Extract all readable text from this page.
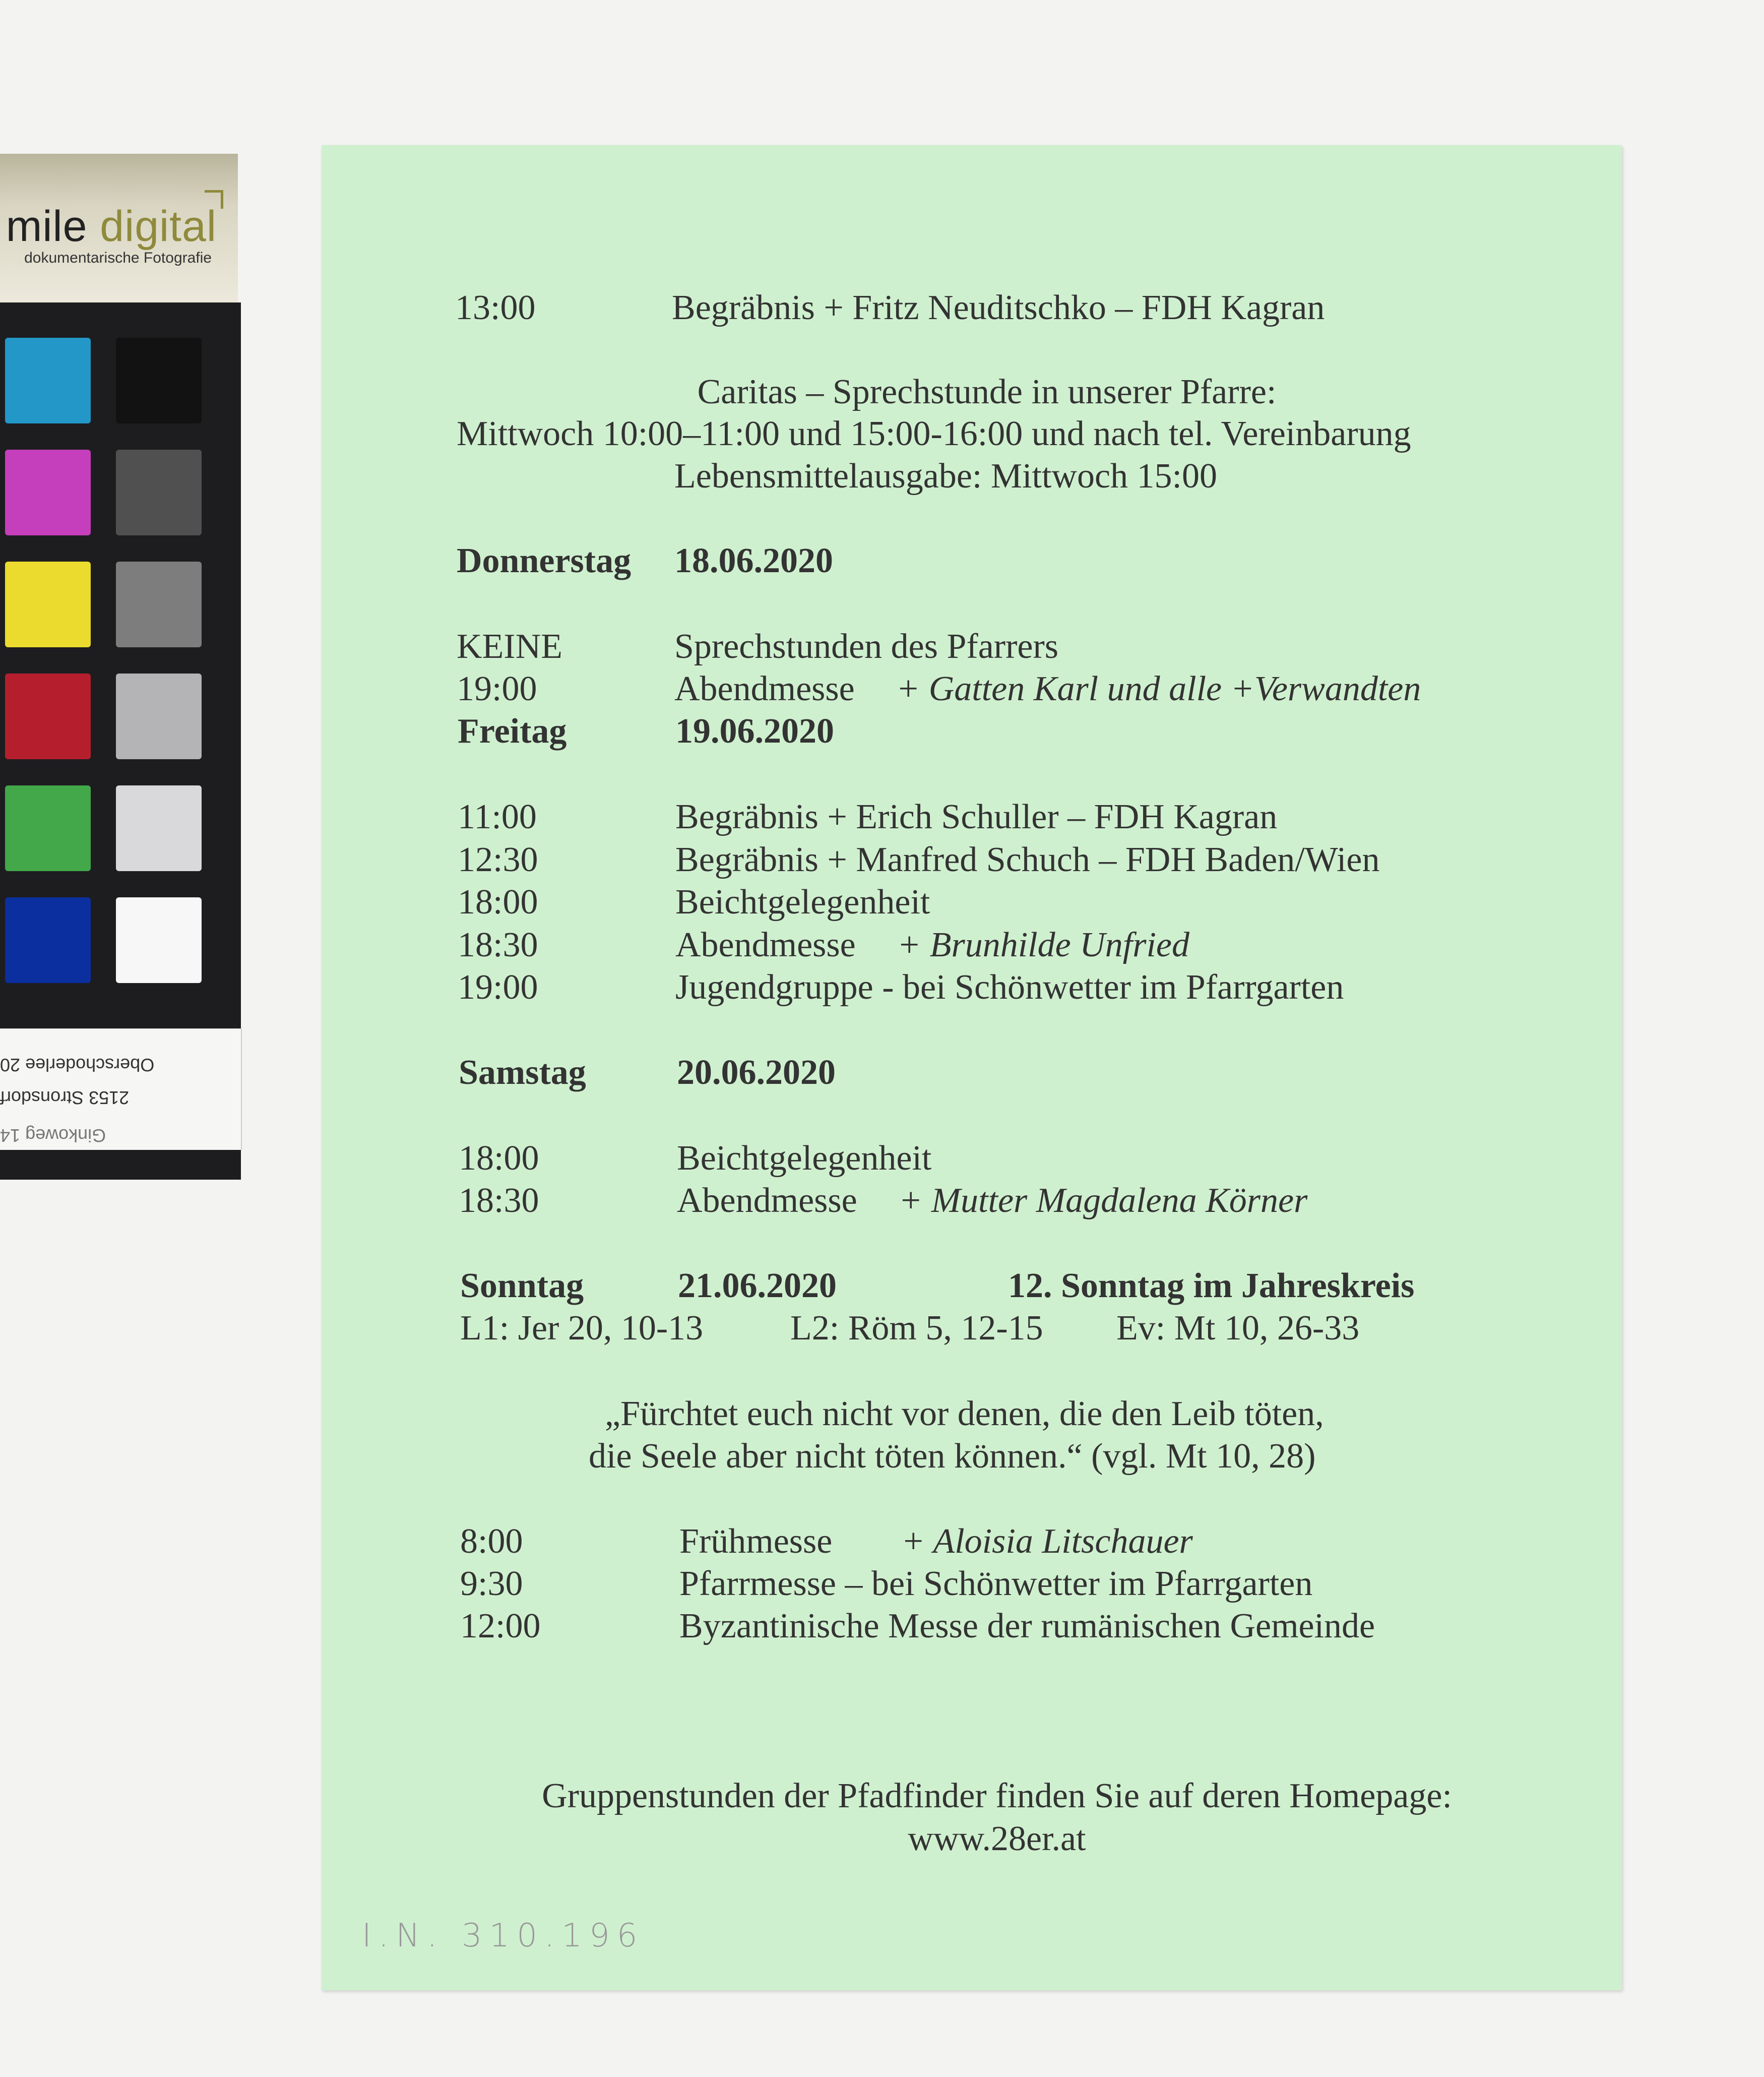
mile digital
dokumentarische Fotografie
Ginkoweg 14
2153 Stronsdorf
Oberschoderlee 20
13:00	Begräbnis + Fritz Neuditschko – FDH Kagran
Caritas – Sprechstunde in unserer Pfarre:
Mittwoch 10:00–11:00 und 15:00-16:00 und nach tel. Vereinbarung
Lebensmittelausgabe: Mittwoch 15:00
Donnerstag 18.06.2020
Freitag	19.06.2020
Samstag	20.06.2020
Sonntag	21.06.2020	12. Sonntag im Jahreskreis
L1: Jer 20, 10-13 L2: Röm 5, 12-15 Ev: Mt 10, 26-33
„Fürchtet euch nicht vor denen, die den Leib töten,
die Seele aber nicht töten können.“ (vgl. Mt 10, 28)
Gruppenstunden der Pfadfinder finden Sie auf deren Homepage:
www.28er.at
I.N. 310.196
KEINE	Sprechstunden des Pfarrers
19:00	Abendmesse + Gatten Karl und alle +Verwandten
11:00	Begräbnis + Erich Schuller – FDH Kagran
12:30	Begräbnis + Manfred Schuch – FDH Baden/Wien
18:00	Beichtgelegenheit
18:30	Abendmesse + Brunhilde Unfried
19:00	Jugendgruppe - bei Schönwetter im Pfarrgarten
18:00	Beichtgelegenheit
18:30	Abendmesse + Mutter Magdalena Körner
8:00	Frühmesse + Aloisia Litschauer
9:30	Pfarrmesse – bei Schönwetter im Pfarrgarten
12:00	Byzantinische Messe der rumänischen Gemeinde
